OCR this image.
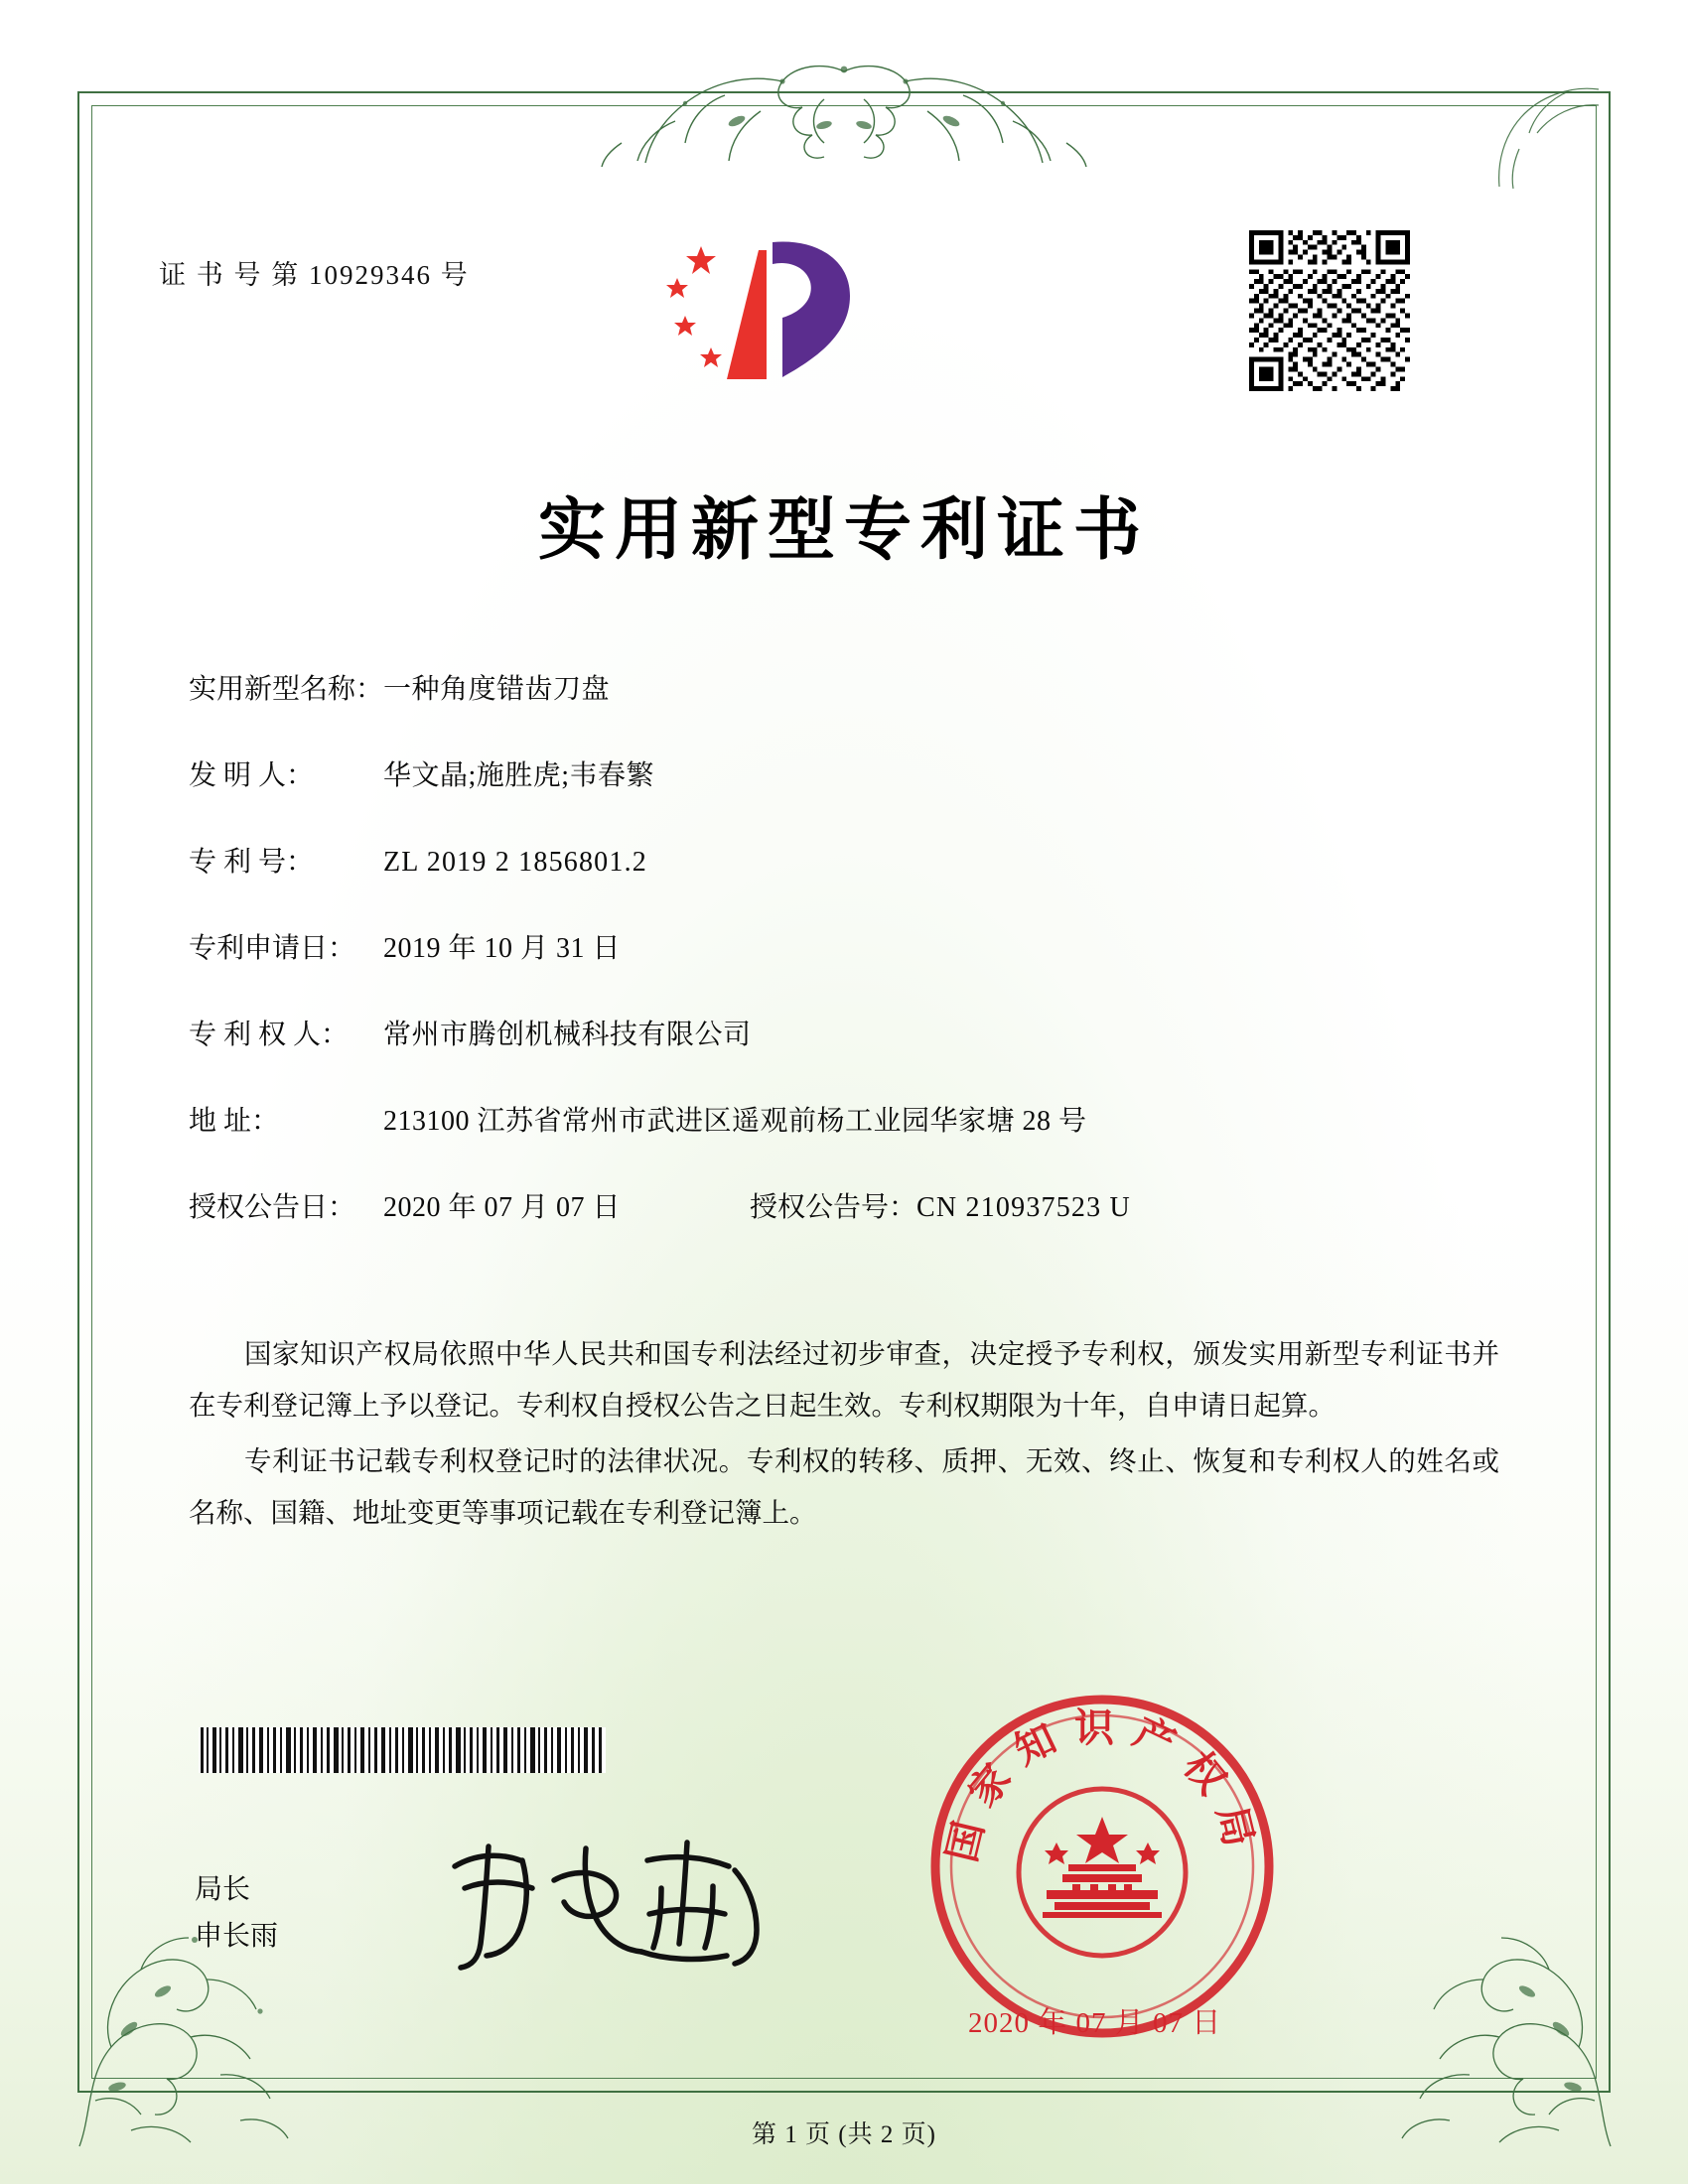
证 书 号 第 10929346 号
实用新型专利证书
实用新型名称： 一种角度错齿刀盘
发 明 人：	华文晶;施胜虎;韦春繁
专 利 号：	ZL 2019 2 1856801.2
专利申请日： 2019 年 10 月 31 日
专 利 权 人：	常州市腾创机械科技有限公司
地 址：	213100 江苏省常州市武进区遥观前杨工业园华家塘 28 号
授权公告日： 2020 年 07 月 07 日	授权公告号： CN 210937523 U

国家知识产权局依照中华人民共和国专利法经过初步审查，决定授予专利权，颁发实用新型专利证书并在专利登记簿上予以登记。专利权自授权公告之日起生效。专利权期限为十年，自申请日起算。

专利证书记载专利权登记时的法律状况。专利权的转移、质押、无效、终止、恢复和专利权人的姓名或名称、国籍、地址变更等事项记载在专利登记簿上。

局长
申长雨
国家知识产权局
2020 年 07 月 07 日
第 1 页 (共 2 页)
